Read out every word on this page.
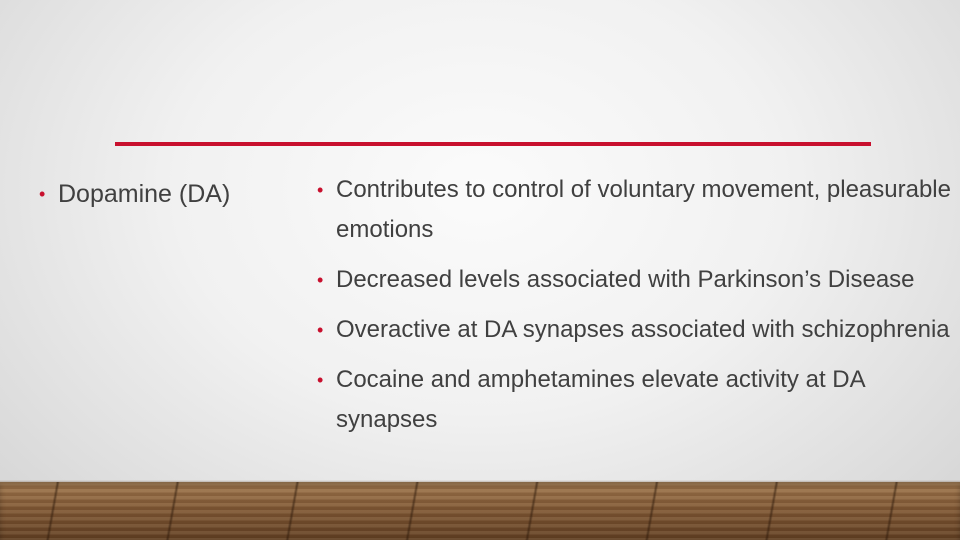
• Dopamine (DA)	• Contributes to control of voluntary movement, pleasurable emotions
• Decreased levels associated with Parkinson’s Disease
• Overactive at DA synapses associated with schizophrenia
• Cocaine and amphetamines elevate activity at DA synapses
